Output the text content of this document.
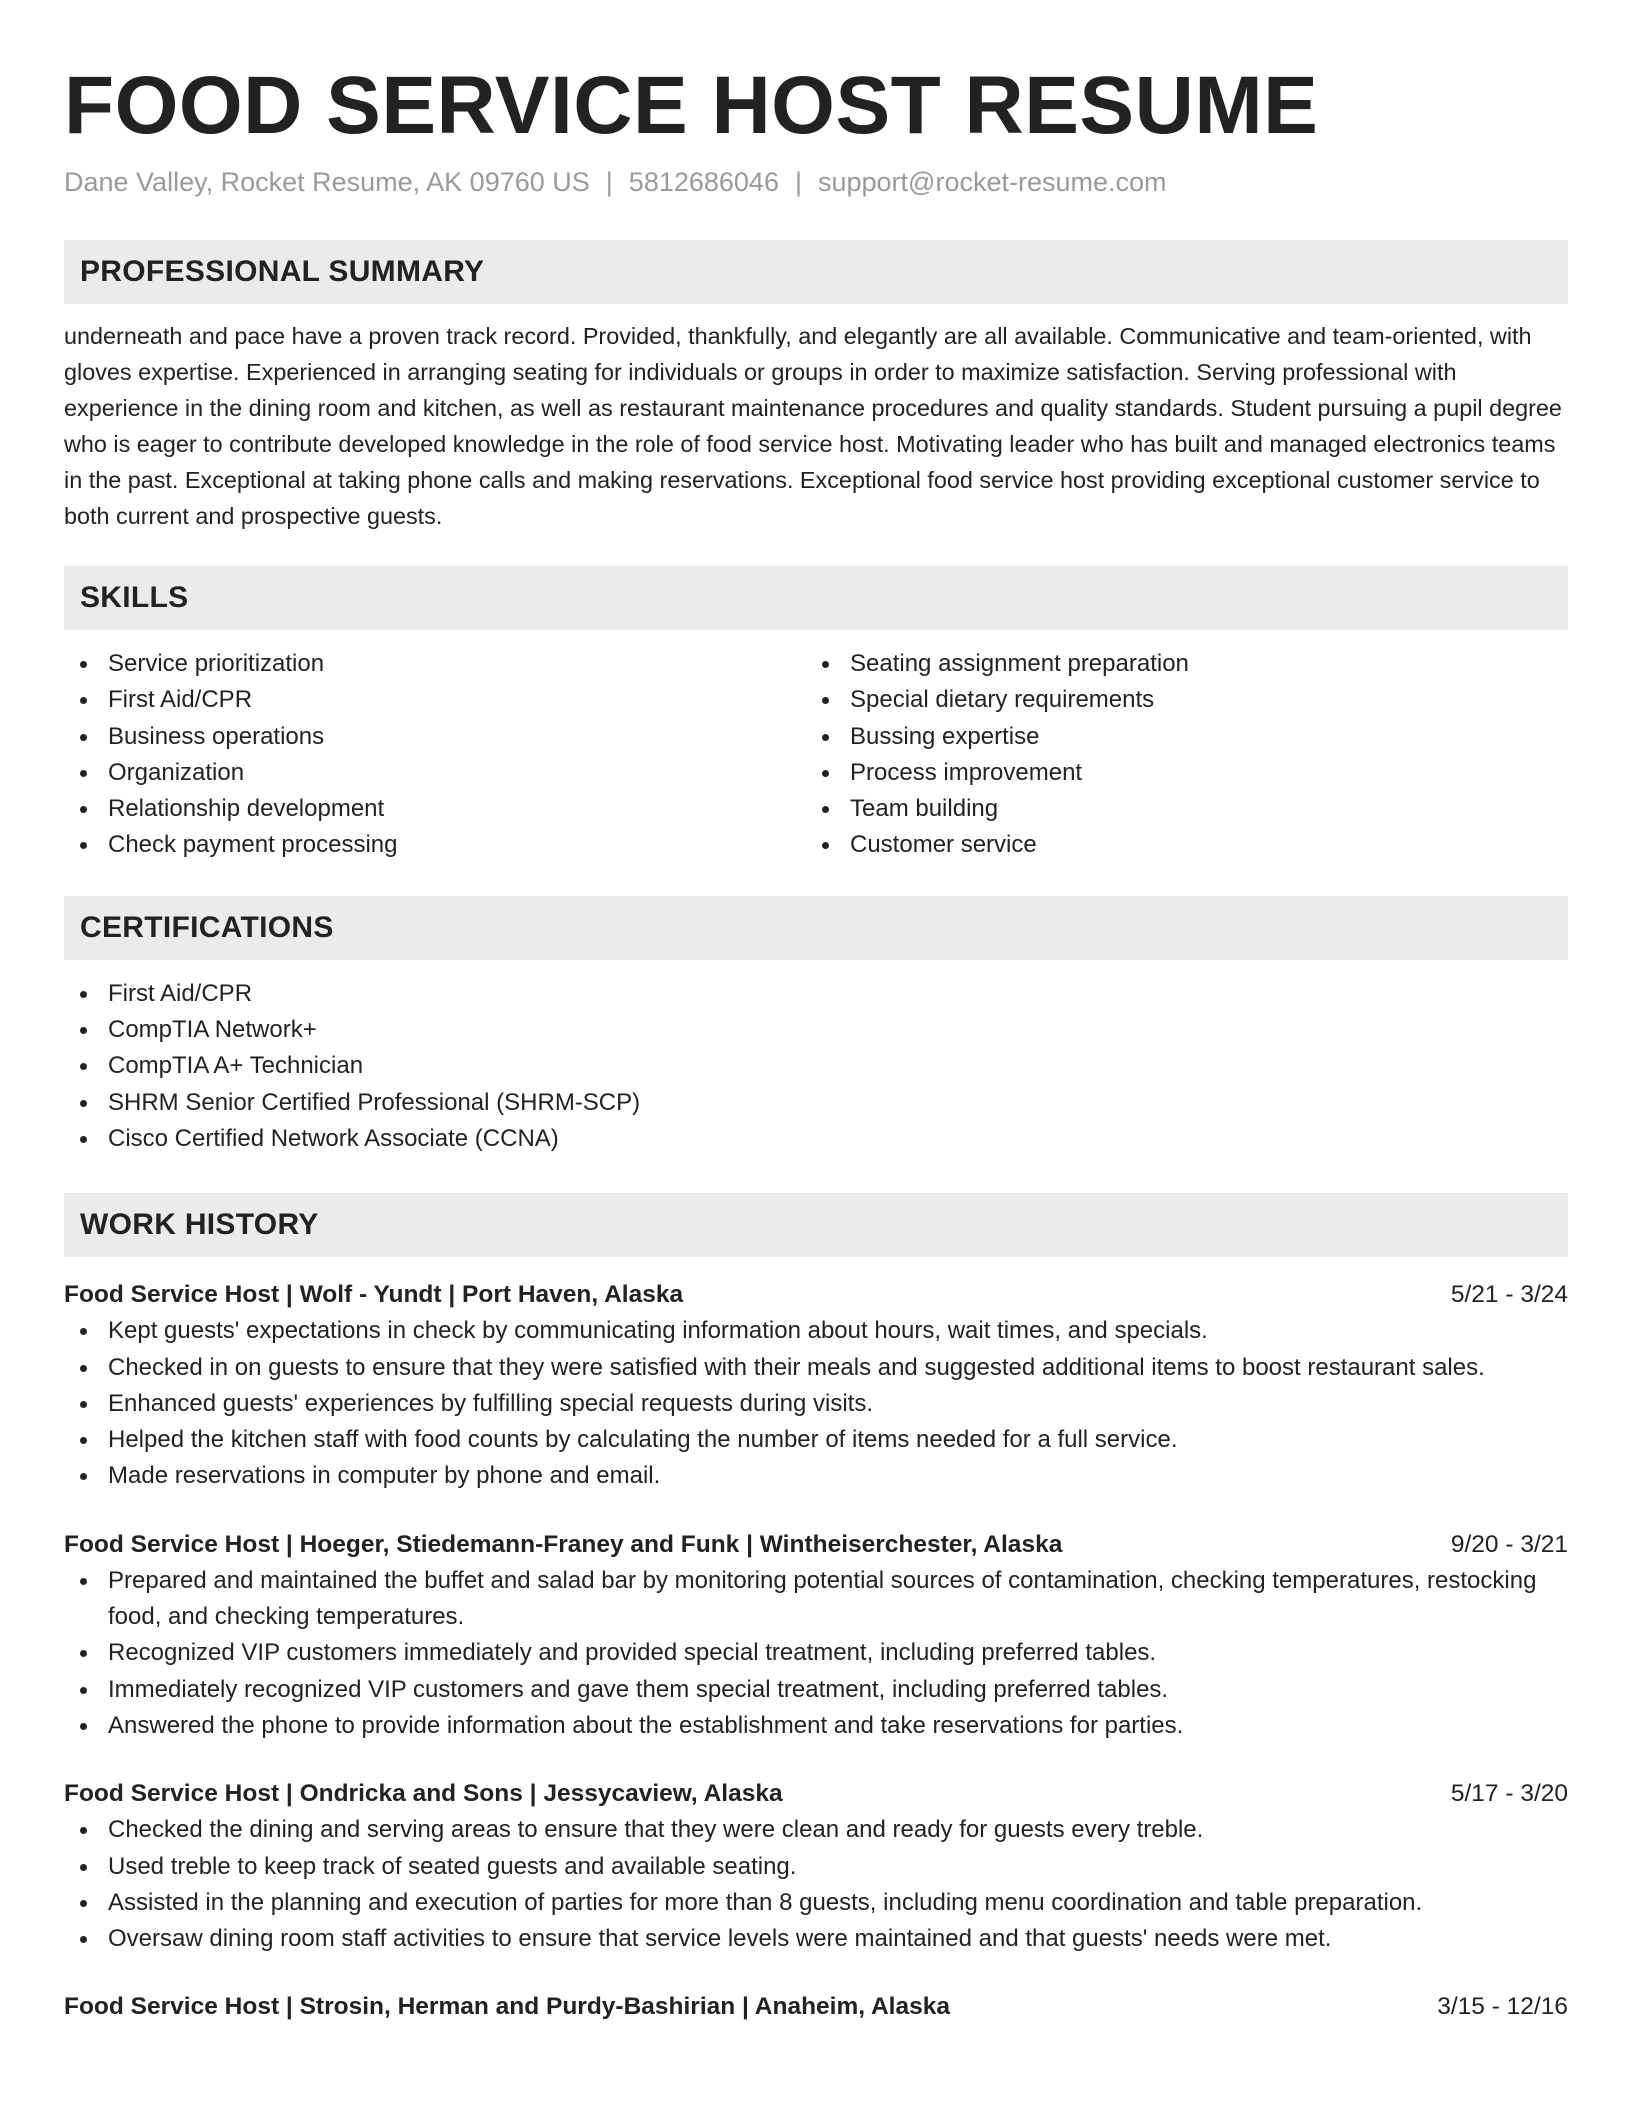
FOOD SERVICE HOST RESUME
Dane Valley, Rocket Resume, AK 09760 US | 5812686046 | support@rocket-resume.com
PROFESSIONAL SUMMARY

underneath and pace have a proven track record. Provided, thankfully, and elegantly are all available. Communicative and team-oriented, with gloves expertise. Experienced in arranging seating for individuals or groups in order to maximize satisfaction. Serving professional with experience in the dining room and kitchen, as well as restaurant maintenance procedures and quality standards. Student pursuing a pupil degree who is eager to contribute developed knowledge in the role of food service host. Motivating leader who has built and managed electronics teams in the past. Exceptional at taking phone calls and making reservations. Exceptional food service host providing exceptional customer service to both current and prospective guests.

SKILLS
Service prioritization
First Aid/CPR
Business operations
Organization
Relationship development
Check payment processing
Seating assignment preparation
Special dietary requirements
Bussing expertise
Process improvement
Team building
Customer service
CERTIFICATIONS
First Aid/CPR
CompTIA Network+
CompTIA A+ Technician
SHRM Senior Certified Professional (SHRM-SCP)
Cisco Certified Network Associate (CCNA)
WORK HISTORY
Food Service Host | Wolf - Yundt | Port Haven, Alaska	5/21 - 3/24
Kept guests' expectations in check by communicating information about hours, wait times, and specials.
Checked in on guests to ensure that they were satisfied with their meals and suggested additional items to boost restaurant sales.
Enhanced guests' experiences by fulfilling special requests during visits.
Helped the kitchen staff with food counts by calculating the number of items needed for a full service.
Made reservations in computer by phone and email.
Food Service Host | Hoeger, Stiedemann-Franey and Funk | Wintheiserchester, Alaska	9/20 - 3/21
Prepared and maintained the buffet and salad bar by monitoring potential sources of contamination, checking temperatures, restocking food, and checking temperatures.
Recognized VIP customers immediately and provided special treatment, including preferred tables.
Immediately recognized VIP customers and gave them special treatment, including preferred tables.
Answered the phone to provide information about the establishment and take reservations for parties.
Food Service Host | Ondricka and Sons | Jessycaview, Alaska	5/17 - 3/20
Checked the dining and serving areas to ensure that they were clean and ready for guests every treble.
Used treble to keep track of seated guests and available seating.
Assisted in the planning and execution of parties for more than 8 guests, including menu coordination and table preparation.
Oversaw dining room staff activities to ensure that service levels were maintained and that guests' needs were met.
Food Service Host | Strosin, Herman and Purdy-Bashirian | Anaheim, Alaska	3/15 - 12/16
